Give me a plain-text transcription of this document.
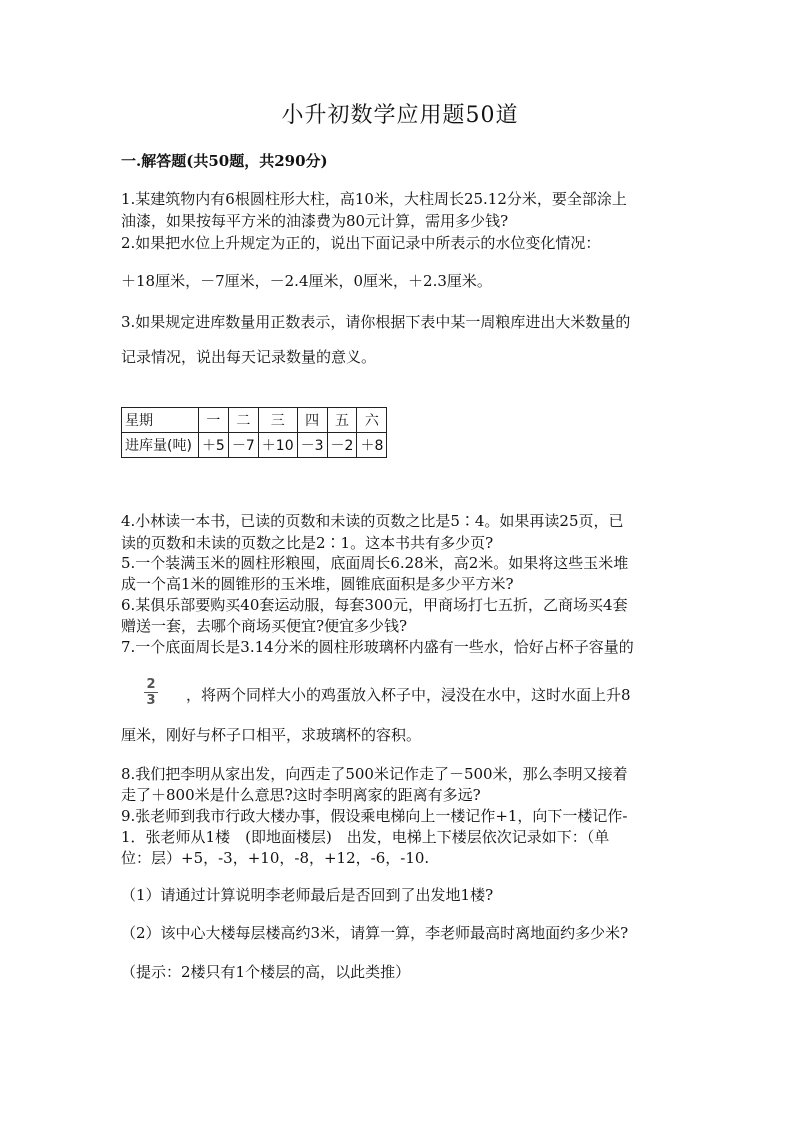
小升初数学应用题50道
一.解答题(共50题，共290分)
1.某建筑物内有6根圆柱形大柱，高10米，大柱周长25.12分米，要全部涂上
油漆，如果按每平方米的油漆费为80元计算，需用多少钱?
2.如果把水位上升规定为正的，说出下面记录中所表示的水位变化情况：
＋18厘米，－7厘米，－2.4厘米，0厘米，＋2.3厘米。
3.如果规定进库数量用正数表示，请你根据下表中某一周粮库进出大米数量的
记录情况，说出每天记录数量的意义。
星期	一	二	三	四	五	六
进库量(吨)	＋5	－7	＋10	－3	－2	＋8
4.小林读一本书，已读的页数和未读的页数之比是5∶4。如果再读25页，已
读的页数和未读的页数之比是2∶1。这本书共有多少页?
5.一个装满玉米的圆柱形粮囤，底面周长6.28米，高2米。如果将这些玉米堆
成一个高1米的圆锥形的玉米堆，圆锥底面积是多少平方米?
6.某俱乐部要购买40套运动服，每套300元，甲商场打七五折，乙商场买4套
赠送一套，去哪个商场买便宜?便宜多少钱?
7.一个底面周长是3.14分米的圆柱形玻璃杯内盛有一些水，恰好占杯子容量的
2
3 ，将两个同样大小的鸡蛋放入杯子中，浸没在水中，这时水面上升8
厘米，刚好与杯子口相平，求玻璃杯的容积。
8.我们把李明从家出发，向西走了500米记作走了－500米，那么李明又接着
走了＋800米是什么意思?这时李明离家的距离有多远?
9.张老师到我市行政大楼办事，假设乘电梯向上一楼记作+1，向下一楼记作-
1．张老师从1楼　(即地面楼层)　出发，电梯上下楼层依次记录如下：（单
位：层）+5，-3，+10，-8，+12，-6，-10.
（1）请通过计算说明李老师最后是否回到了出发地1楼?
（2）该中心大楼每层楼高约3米，请算一算，李老师最高时离地面约多少米?
（提示：2楼只有1个楼层的高，以此类推）
